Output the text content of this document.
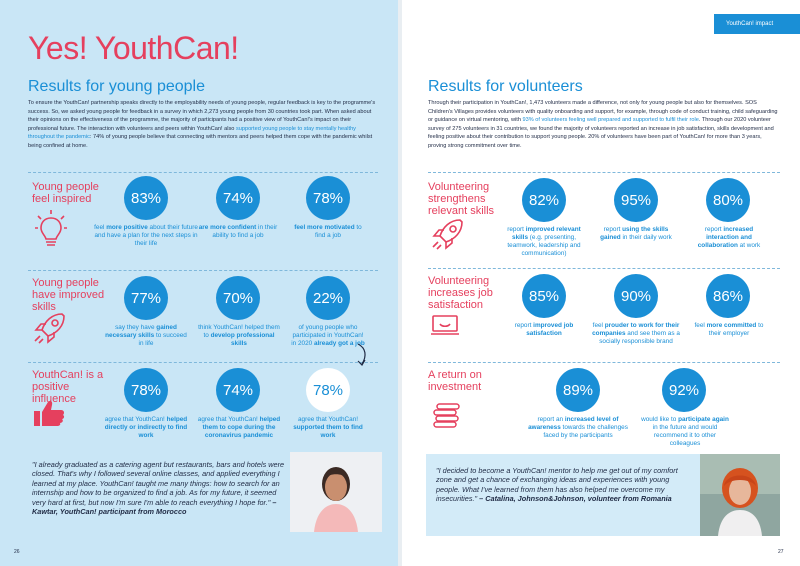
YouthCan! impact
Yes! YouthCan!
Results for young people
To ensure the YouthCan! partnership speaks directly to the employability needs of young people, regular feedback is key to the programme's success. So, we asked young people for feedback in a survey in which 2,273 young people from 30 countries took part. When asked about their opinions on the effectiveness of the programme, the majority of participants had a positive view of YouthCan!'s impact on their professional future. The interaction with volunteers and peers within YouthCan! also supported young people to stay mentally healthy throughout the pandemic: 74% of young people believe that connecting with mentors and peers helped them cope with the pandemic whilst being confined at home.
Young people feel inspired	83%	74%	78%
feel more positive about their future and have a plan for the next steps in their life
are more confident in their ability to find a job
feel more motivated to find a job
Young people have improved skills
77%	70%	22%
say they have gained necessary skills to succeed in life
think YouthCan! helped them to develop professional skills
of young people who participated in YouthCan! in 2020 already got a job
YouthCan! is a positive influence
78%	74%	78%
agree that YouthCan! helped directly or indirectly to find work
agree that YouthCan! helped them to cope during the coronavirus pandemic
agree that YouthCan! supported them to find work

"I already graduated as a catering agent but restaurants, bars and hotels were closed. That's why I followed several online classes, and applied everything I learned at my place. YouthCan! taught me many things: how to search for an internship and how to be organized to find a job. As for my future, it seemed very hard at first, but now I'm sure I'm able to reach everything I hope for." – Kawtar, YouthCan! participant from Morocco

26
Results for volunteers
Through their participation in YouthCan!, 1,473 volunteers made a difference, not only for young people but also for themselves. SOS Children's Villages provides volunteers with quality onboarding and support, for example, through code of conduct training, child safeguarding or guidance on virtual mentoring, with 93% of volunteers feeling well prepared and supported to fulfil their role. Through our 2020 volunteer survey of 275 volunteers in 31 countries, we found the majority of volunteers reported an increase in job satisfaction, skills development and feeling positive about their contribution to support young people. 20% of volunteers have been part of YouthCan! for more than 3 years, proving strong commitment over time.
Volunteering strengthens relevant skills
82%	95%	80%
report improved relevant skills (e.g. presenting, teamwork, leadership and communication)
report using the skills gained in their daily work
report increased interaction and collaboration at work
Volunteering increases job satisfaction
85%	90%	86%
report improved job satisfaction
feel prouder to work for their companies and see them as a socially responsible brand
feel more committed to their employer
A return on investment	89%	92%
report an increased level of awareness towards the challenges faced by the participants
would like to participate again in the future and would recommend it to other colleagues

"I decided to become a YouthCan! mentor to help me get out of my comfort zone and get a chance of exchanging ideas and experiences with young people. What I've learned from them has also helped me overcome my insecurities." – Catalina, Johnson&Johnson, volunteer from Romania

27
